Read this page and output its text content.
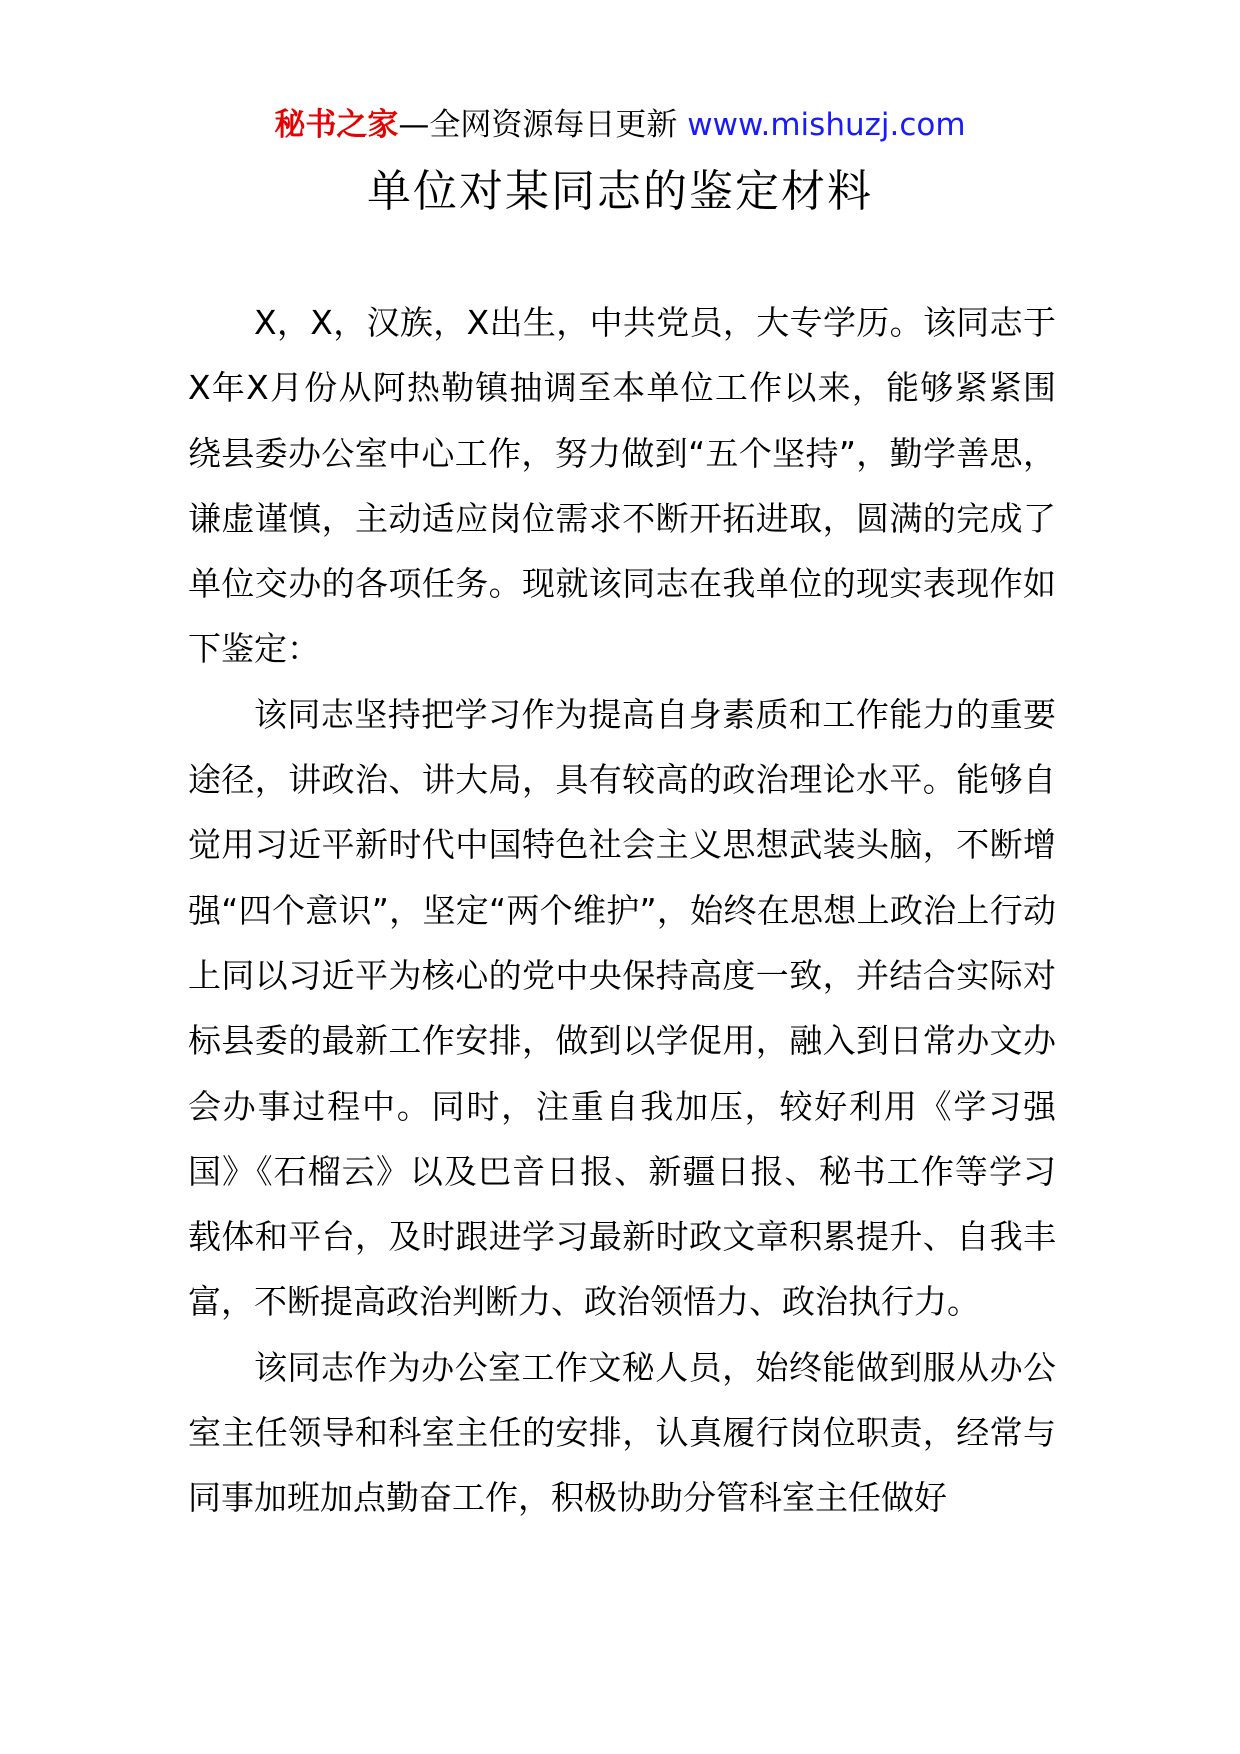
秘书之家—全网资源每日更新 www.mishuzj.com
单位对某同志的鉴定材料

X，X，汉族，X出生，中共党员，大专学历。该同志于X年X月份从阿热勒镇抽调至本单位工作以来，能够紧紧围绕县委办公室中心工作，努力做到“五个坚持”，勤学善思，谦虚谨慎，主动适应岗位需求不断开拓进取，圆满的完成了单位交办的各项任务。现就该同志在我单位的现实表现作如下鉴定：

该同志坚持把学习作为提高自身素质和工作能力的重要途径，讲政治、讲大局，具有较高的政治理论水平。能够自觉用习近平新时代中国特色社会主义思想武装头脑，不断增强“四个意识”，坚定“两个维护”，始终在思想上政治上行动上同以习近平为核心的党中央保持高度一致，并结合实际对标县委的最新工作安排，做到以学促用，融入到日常办文办会办事过程中。同时，注重自我加压，较好利用《学习强国》《石榴云》以及巴音日报、新疆日报、秘书工作等学习载体和平台，及时跟进学习最新时政文章积累提升、自我丰富，不断提高政治判断力、政治领悟力、政治执行力。

该同志作为办公室工作文秘人员，始终能做到服从办公室主任领导和科室主任的安排，认真履行岗位职责，经常与同事加班加点勤奋工作，积极协助分管科室主任做好
